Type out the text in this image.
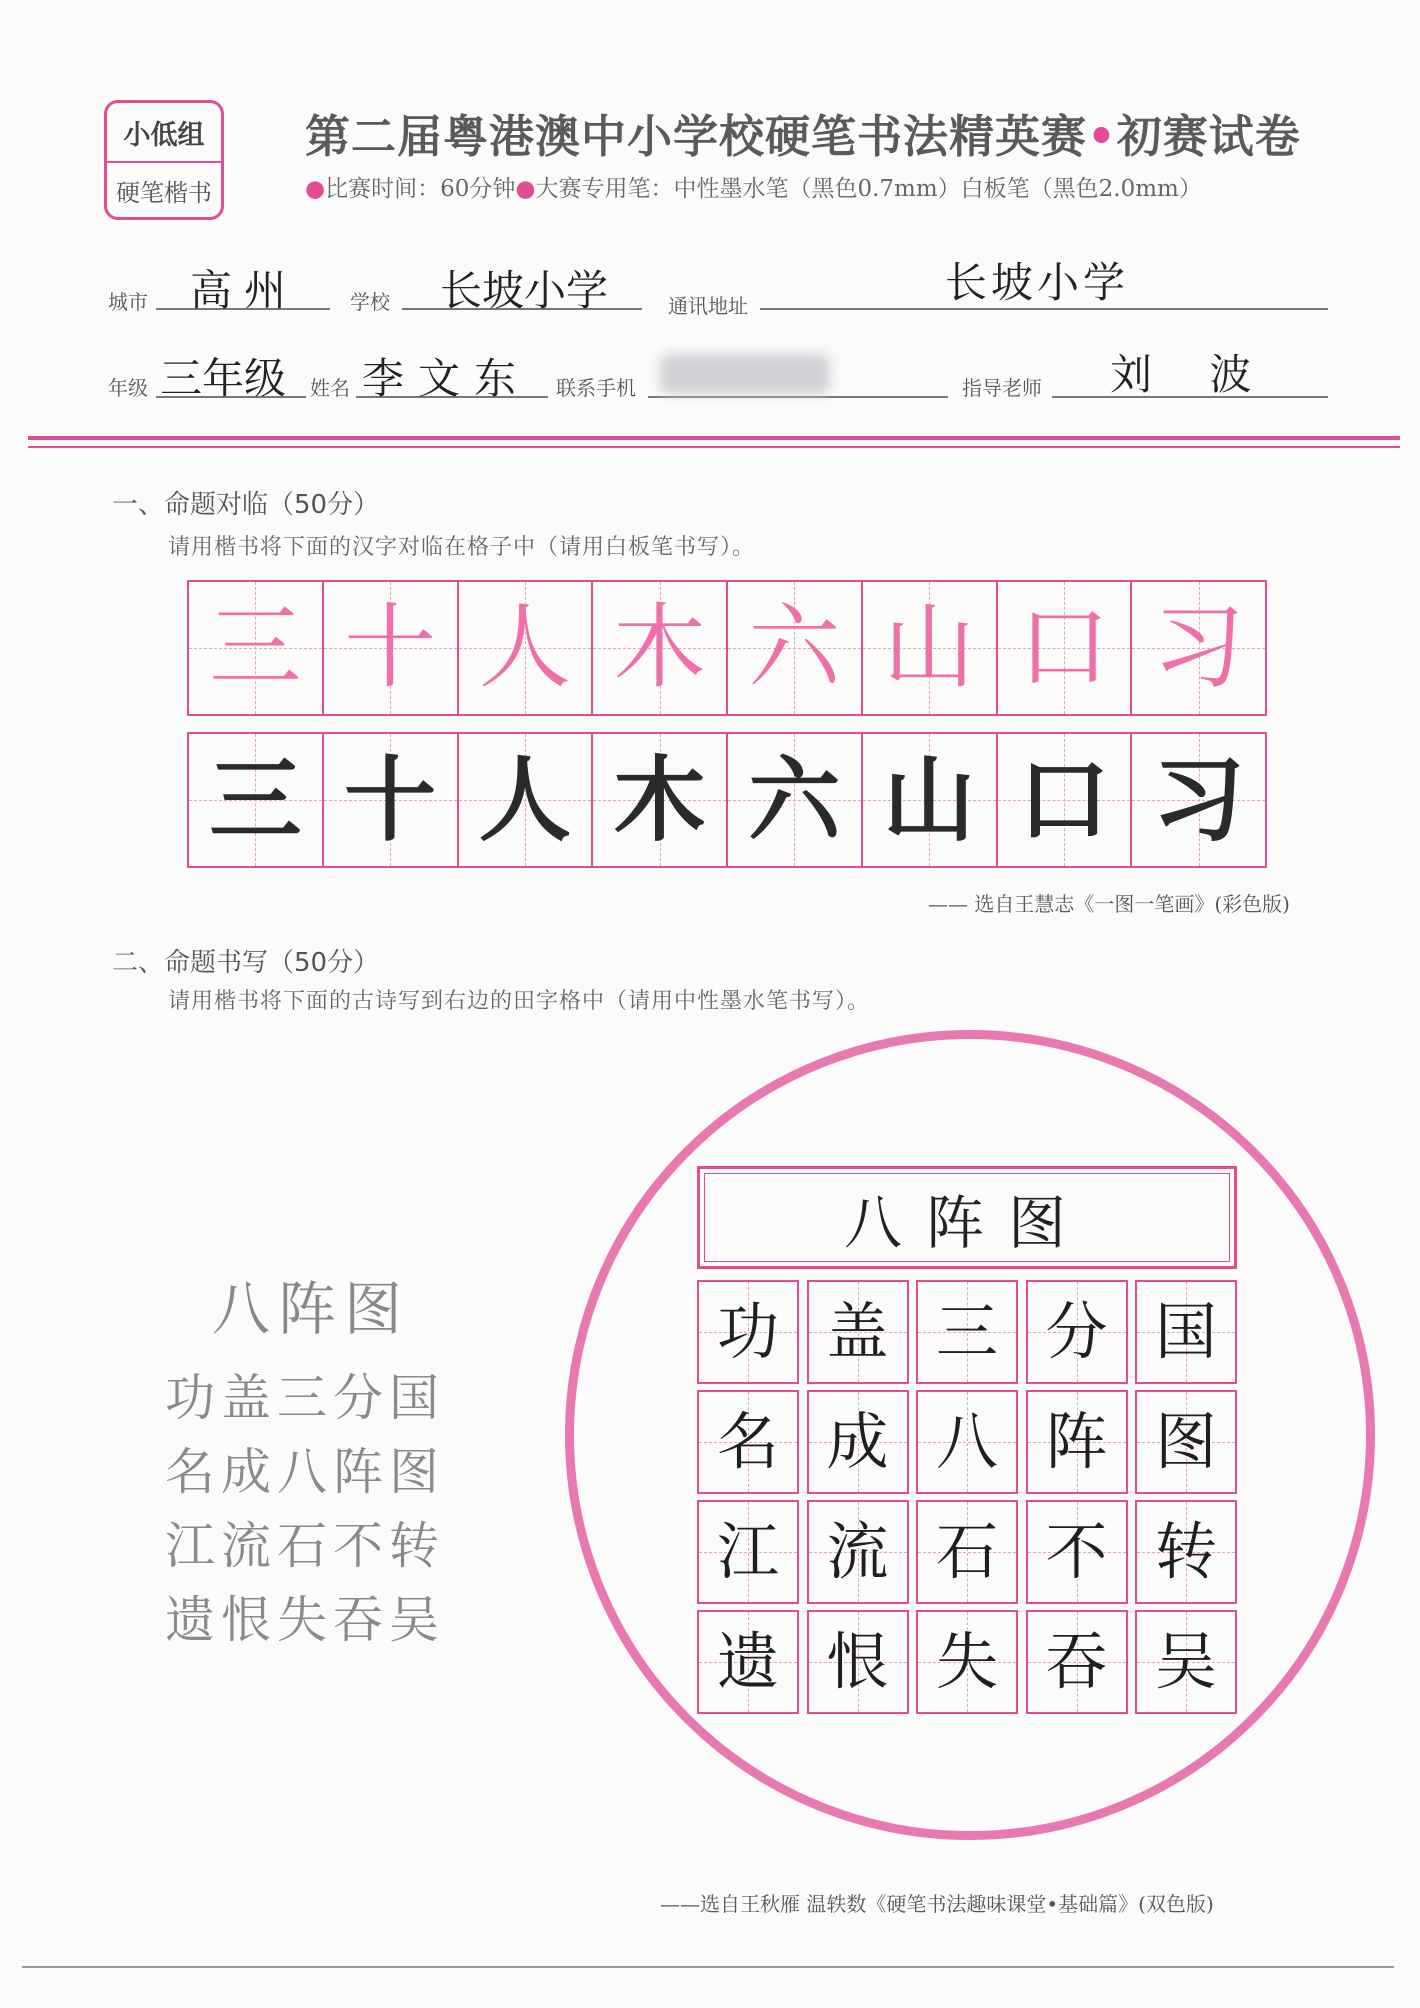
小低组
硬笔楷书
第二届粤港澳中小学校硬笔书法精英赛•初赛试卷
●比赛时间：60分钟●大赛专用笔：中性墨水笔（黑色0.7mm）白板笔（黑色2.0mm）
城市 高州	学校 长坡小学	通讯地址	长坡小学
年级 三年级 姓名 李文东 联系手机	指导老师 刘 波
一、命题对临（50分）
请用楷书将下面的汉字对临在格子中（请用白板笔书写）。
三 十 人 木 六 山 口 习
三 十 人 木 六 山 口 习
—— 选自王慧志《一图一笔画》(彩色版)
二、命题书写（50分）
请用楷书将下面的古诗写到右边的田字格中（请用中性墨水笔书写）。
八阵图
功盖三分国
名成八阵图
江流石不转
遗恨失吞吴
八阵图
功 盖 三 分 国
名 成 八 阵 图
江 流 石 不 转
遗 恨 失 吞 吴
——选自王秋雁 温轶数《硬笔书法趣味课堂•基础篇》(双色版)
